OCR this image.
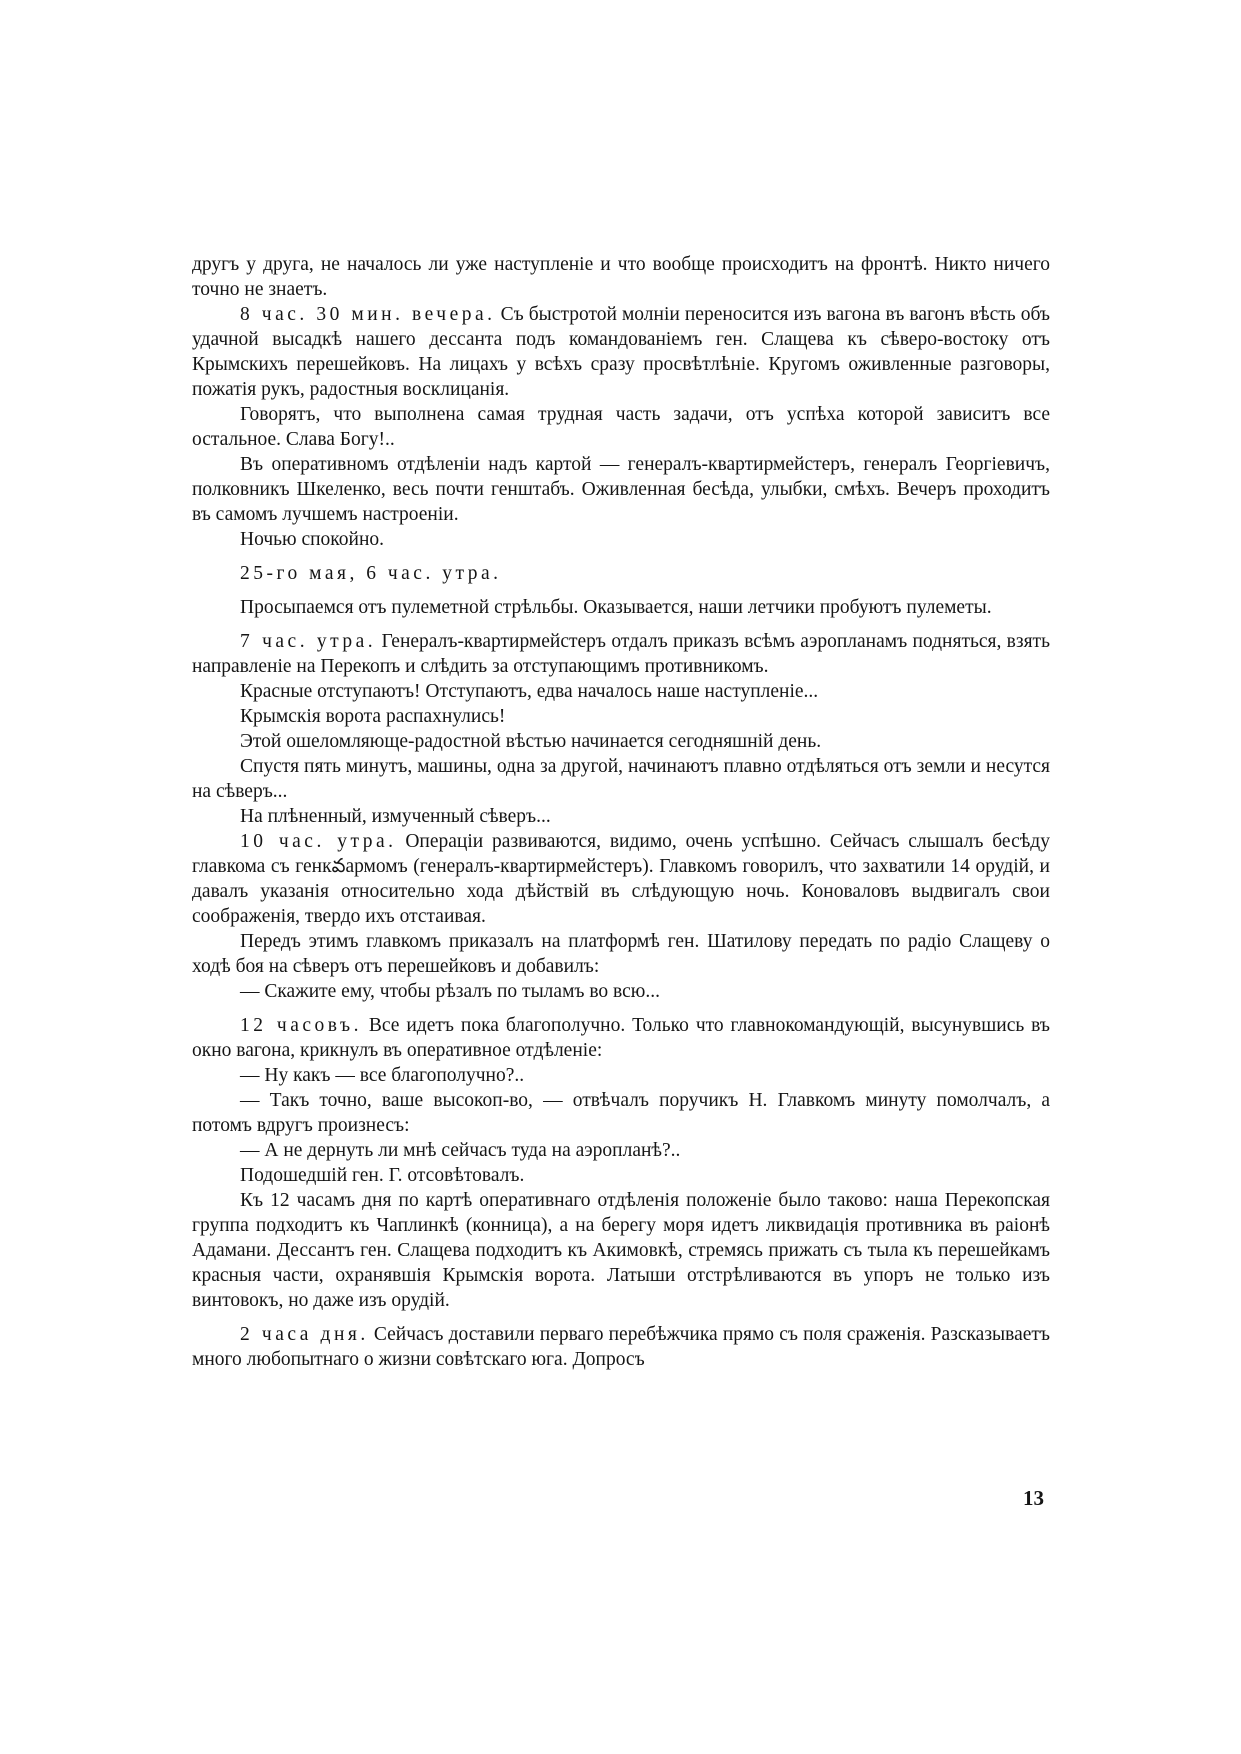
другъ у друга, не началось ли уже наступленіе и что вообще происходитъ на фронтѣ. Никто ничего точно не знаетъ.

8 час. 30 мин. вечера. Съ быстротой молніи переносится изъ вагона въ вагонъ вѣсть объ удачной высадкѣ нашего дессанта подъ командованіемъ ген. Слащева къ сѣверо-востоку отъ Крымскихъ перешейковъ. На лицахъ у всѣхъ сразу просвѣтлѣніе. Кругомъ оживленные разговоры, пожатія рукъ, радостныя восклицанія.

Говорятъ, что выполнена самая трудная часть задачи, отъ успѣха которой зависитъ все остальное. Слава Богу!..

Въ оперативномъ отдѣленіи надъ картой — генералъ-квартирмейстеръ, генералъ Георгіевичъ, полковникъ Шкеленко, весь почти генштабъ. Оживленная бесѣда, улыбки, смѣхъ. Вечеръ проходитъ въ самомъ лучшемъ настроеніи.

Ночью спокойно.

25-го мая, 6 час. утра.

Просыпаемся отъ пулеметной стрѣльбы. Оказывается, наши летчики пробуютъ пулеметы.

7 час. утра. Генералъ-квартирмейстеръ отдалъ приказъ всѣмъ аэропланамъ подняться, взять направленіе на Перекопъ и слѣдить за отступающимъ противникомъ.

Красные отступаютъ! Отступаютъ, едва началось наше наступленіе...

Крымскія ворота распахнулись!

Этой ошеломляюще-радостной вѣстью начинается сегодняшній день.

Спустя пять минутъ, машины, одна за другой, начинаютъ плавно отдѣляться отъ земли и несутся на сѣверъ...

На плѣненный, измученный сѣверъ...

10 час. утра. Операціи развиваются, видимо, очень успѣшно. Сейчасъ слышалъ бесѣду главкома съ генкవармомъ (генералъ-квартирмейстеръ). Главкомъ говорилъ, что захватили 14 орудій, и давалъ указанія относительно хода дѣйствій въ слѣдующую ночь. Коноваловъ выдвигалъ свои соображенія, твердо ихъ отстаивая.

Передъ этимъ главкомъ приказалъ на платформѣ ген. Шатилову передать по радіо Слащеву о ходѣ боя на сѣверъ отъ перешейковъ и добавилъ:

— Скажите ему, чтобы рѣзалъ по тыламъ во всю...

12 часовъ. Все идетъ пока благополучно. Только что главнокомандующій, высунувшись въ окно вагона, крикнулъ въ оперативное отдѣленіе:

— Ну какъ — все благополучно?..

— Такъ точно, ваше высокоп-во, — отвѣчалъ поручикъ Н. Главкомъ минуту помолчалъ, а потомъ вдругъ произнесъ:

— А не дернуть ли мнѣ сейчасъ туда на аэропланѣ?..

Подошедшій ген. Г. отсовѣтовалъ.

Къ 12 часамъ дня по картѣ оперативнаго отдѣленія положеніе было таково: наша Перекопская группа подходитъ къ Чаплинкѣ (конница), а на берегу моря идетъ ликвидація противника въ раіонѣ Адамани. Дессантъ ген. Слащева подходитъ къ Акимовкѣ, стремясь прижать съ тыла къ перешейкамъ красныя части, охранявшія Крымскія ворота. Латыши отстрѣливаются въ упоръ не только изъ винтовокъ, но даже изъ орудій.

2 часа дня. Сейчасъ доставили перваго перебѣжчика прямо съ поля сраженія. Разсказываетъ много любопытнаго о жизни совѣтскаго юга. Допросъ

13
